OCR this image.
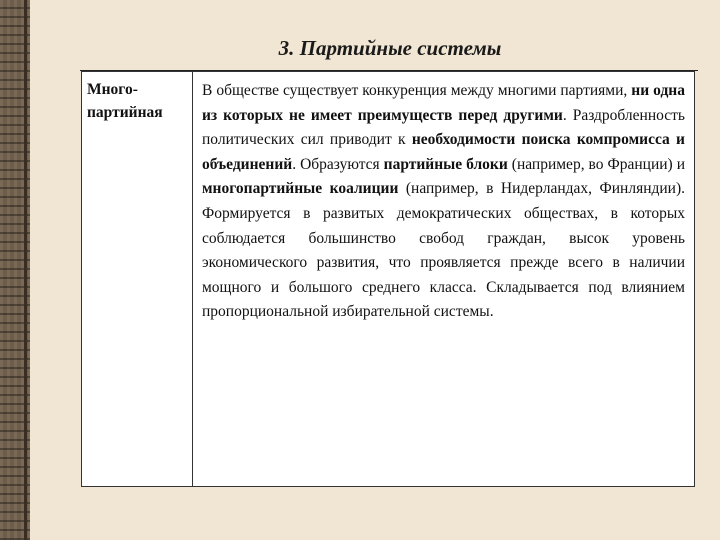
3. Партийные системы
Много-
партийная
В обществе существует конкуренция между многими партиями, ни одна из которых не имеет преимуществ перед другими. Раздробленность политических сил приводит к необходимости поиска компромисса и объединений. Образуются партийные блоки (например, во Франции) и многопартийные коалиции (например, в Нидерландах, Финляндии). Формируется в развитых демократических обществах, в которых соблюдается большинство свобод граждан, высок уровень экономического развития, что проявляется прежде всего в наличии мощного и большого среднего класса. Складывается под влиянием пропорциональной избирательной системы.
